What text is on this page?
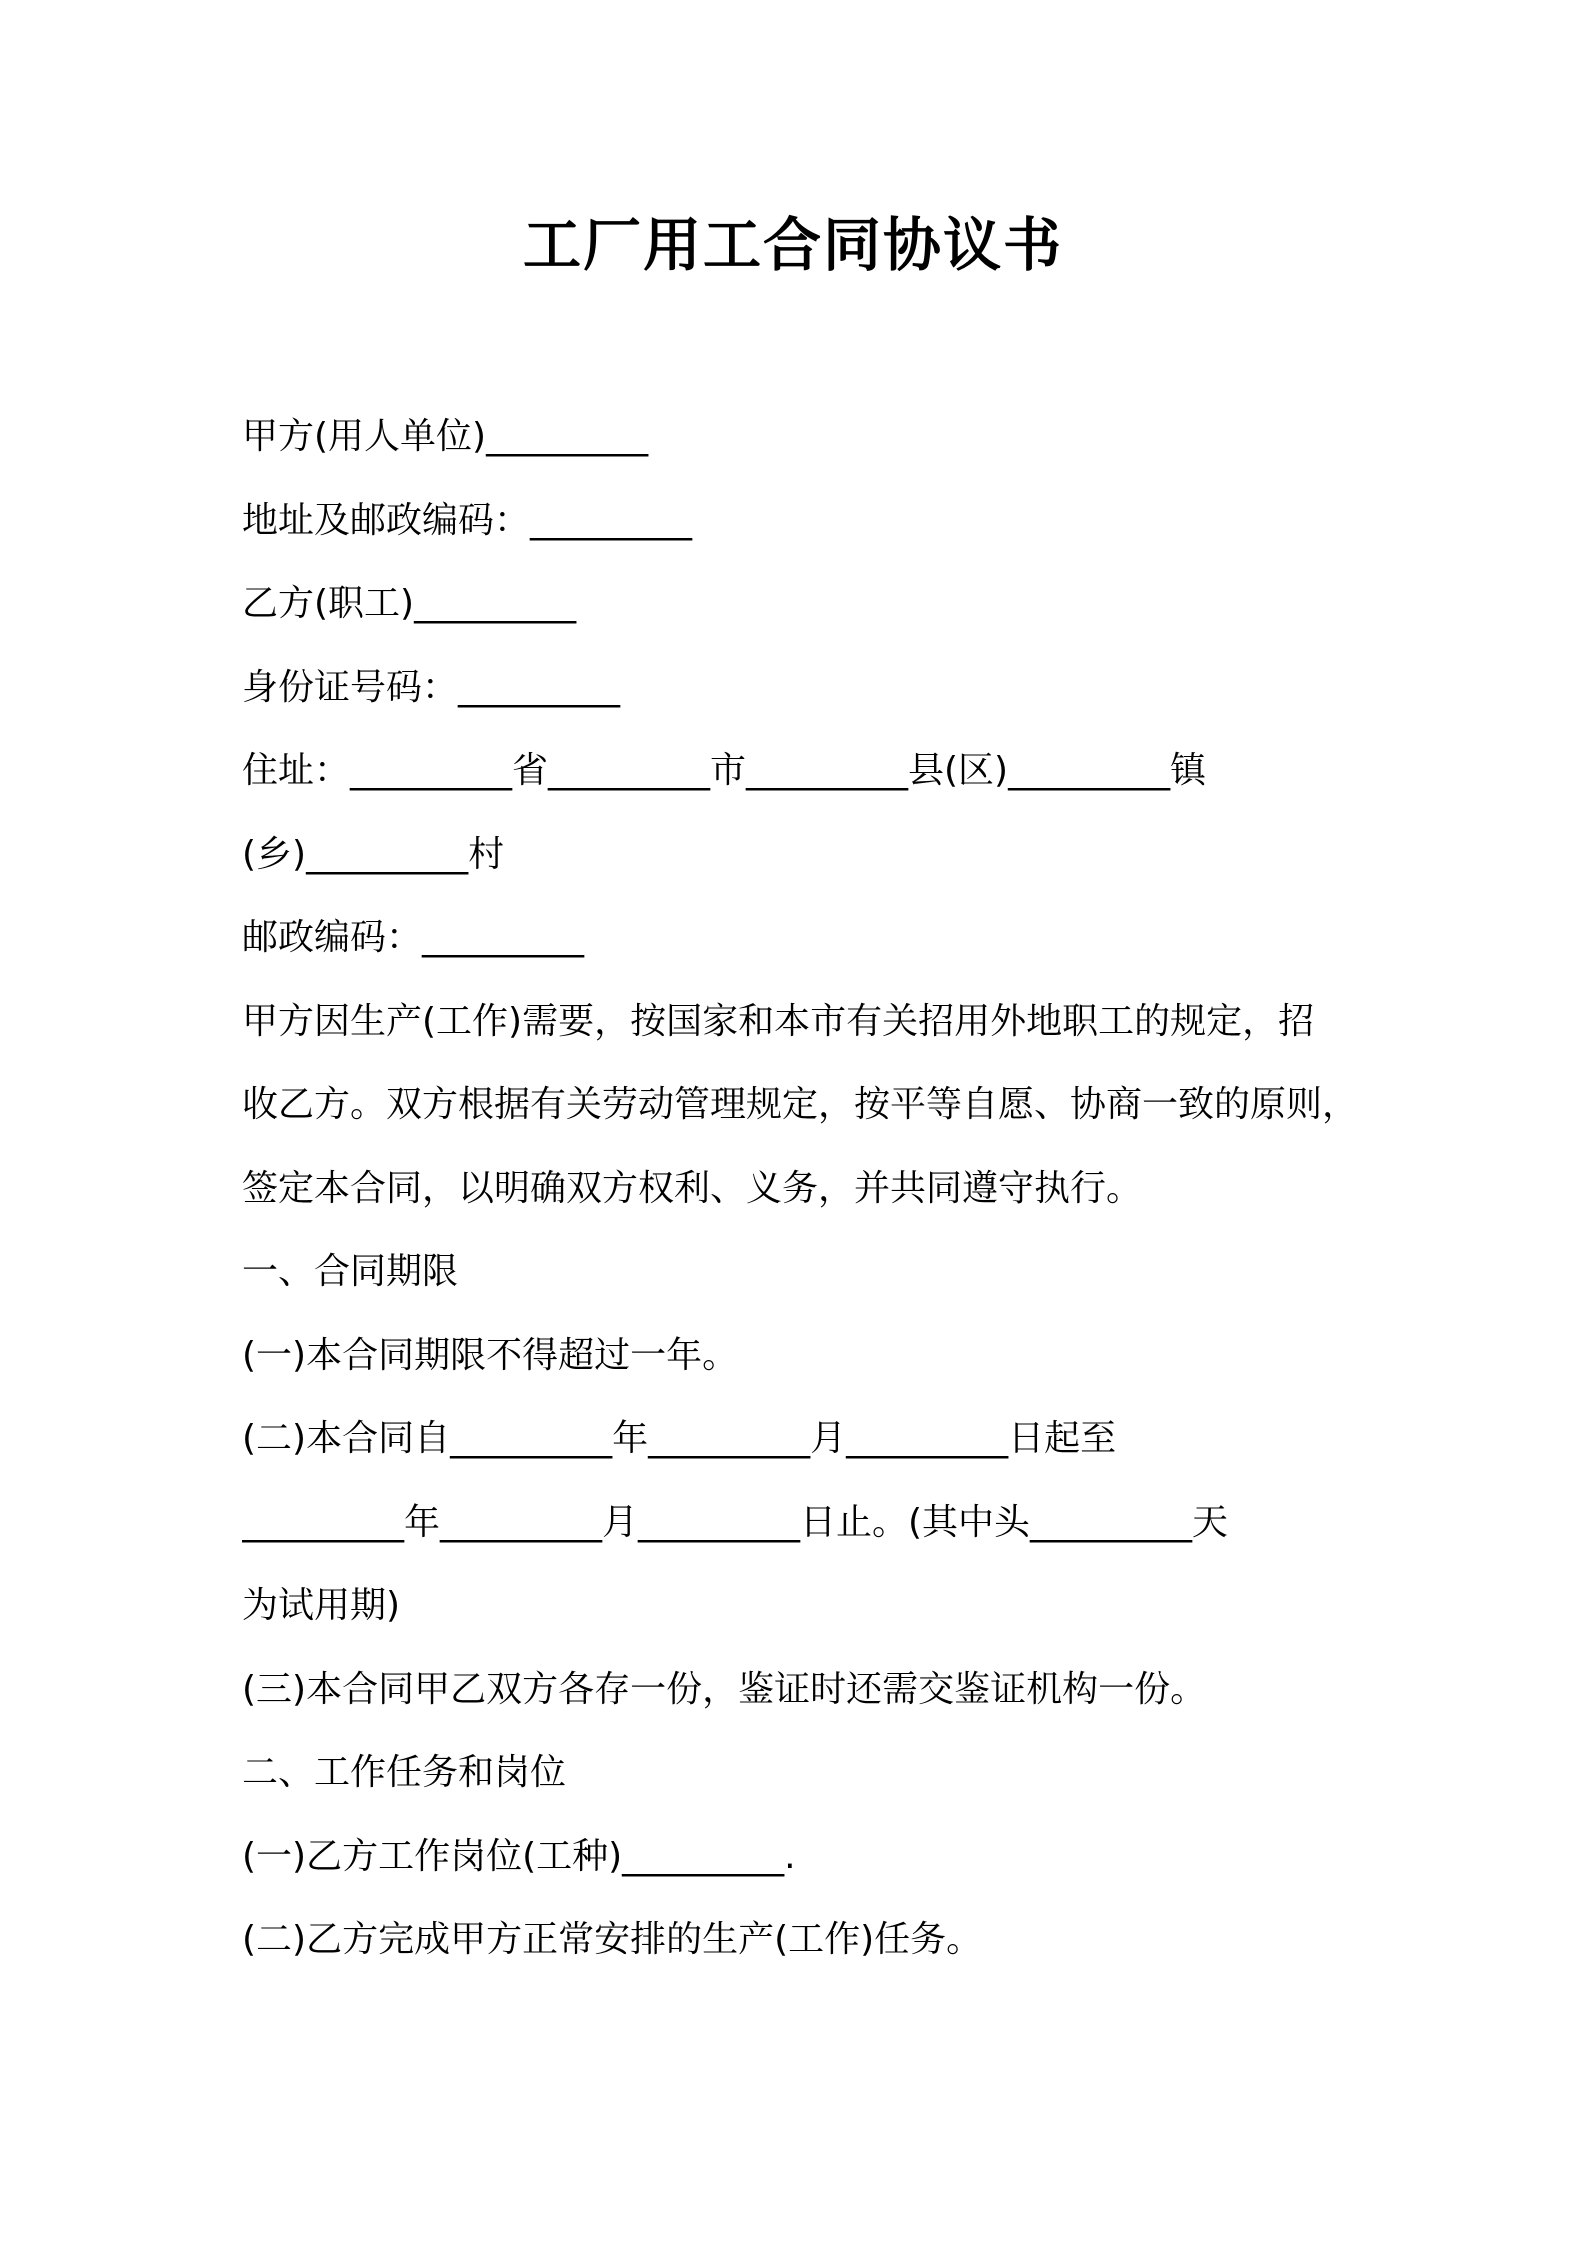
工厂用工合同协议书
甲方(用人单位)_________
地址及邮政编码：_________
乙方(职工)_________
身份证号码：_________
住址：_________省_________市_________县(区)_________镇
(乡)_________村
邮政编码：_________
甲方因生产(工作)需要，按国家和本市有关招用外地职工的规定，招
收乙方。双方根据有关劳动管理规定，按平等自愿、协商一致的原则，
签定本合同，以明确双方权利、义务，并共同遵守执行。
一、合同期限
(一)本合同期限不得超过一年。
(二)本合同自_________年_________月_________日起至
_________年_________月_________日止。(其中头_________天
为试用期)
(三)本合同甲乙双方各存一份，鉴证时还需交鉴证机构一份。
二、工作任务和岗位
(一)乙方工作岗位(工种)_________.
(二)乙方完成甲方正常安排的生产(工作)任务。
